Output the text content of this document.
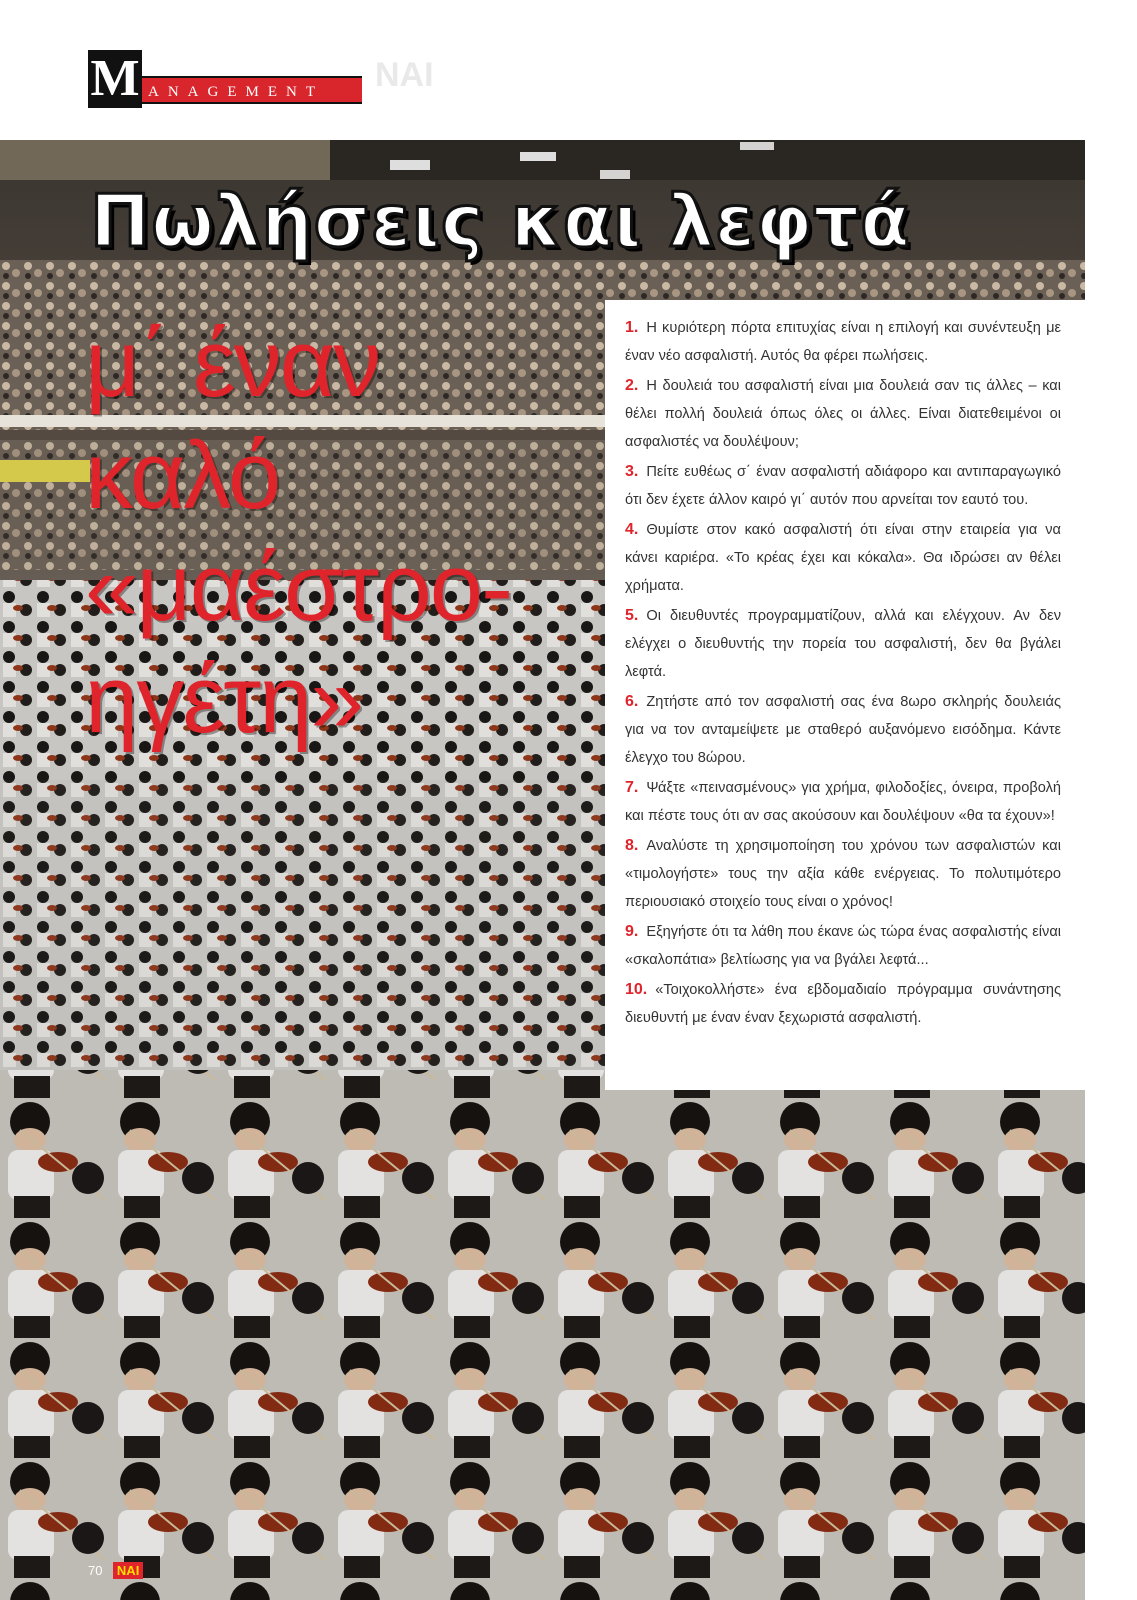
M ANAGEMENT	NAI
Πωλήσεις και λεφτά
μ΄ έναν
καλό
«μαέστρο-
ηγέτη»

1. Η κυριότερη πόρτα επιτυχίας είναι η επιλογή και συνέντευξη με έναν νέο ασφαλιστή. Αυτός θα φέρει πωλήσεις.

2. Η δουλειά του ασφαλιστή είναι μια δουλειά σαν τις άλλες – και θέλει πολλή δουλειά όπως όλες οι άλλες. Είναι διατεθειμένοι οι ασφαλιστές να δουλέψουν;

3. Πείτε ευθέως σ΄ έναν ασφαλιστή αδιάφορο και αντιπαραγωγικό ότι δεν έχετε άλλον καιρό γι΄ αυτόν που αρνείται τον εαυτό του.

4. Θυμίστε στον κακό ασφαλιστή ότι είναι στην εταιρεία για να κάνει καριέρα. «Το κρέας έχει και κόκαλα». Θα ιδρώσει αν θέλει χρήματα.

5. Οι διευθυντές προγραμματίζουν, αλλά και ελέγχουν. Αν δεν ελέγχει ο διευθυντής την πορεία του ασφαλιστή, δεν θα βγάλει λεφτά.

6. Ζητήστε από τον ασφαλιστή σας ένα 8ωρο σκληρής δουλειάς για να τον ανταμείψετε με σταθερό αυξανόμενο εισόδημα. Κάντε έλεγχο του 8ώρου.

7. Ψάξτε «πεινασμένους» για χρήμα, φιλοδοξίες, όνειρα, προβολή και πέστε τους ότι αν σας ακούσουν και δουλέψουν «θα τα έχουν»!

8. Αναλύστε τη χρησιμοποίηση του χρόνου των ασφαλιστών και «τιμολογήστε» τους την αξία κάθε ενέργειας. Το πολυτιμότερο περιουσιακό στοιχείο τους είναι ο χρόνος!

9. Εξηγήστε ότι τα λάθη που έκανε ώς τώρα ένας ασφαλιστής είναι «σκαλοπάτια» βελτίωσης για να βγάλει λεφτά...

10. «Τοιχοκολλήστε» ένα εβδομαδιαίο πρόγραμμα συνάντησης διευθυντή με έναν έναν ξεχωριστά ασφαλιστή.

70 NAI
